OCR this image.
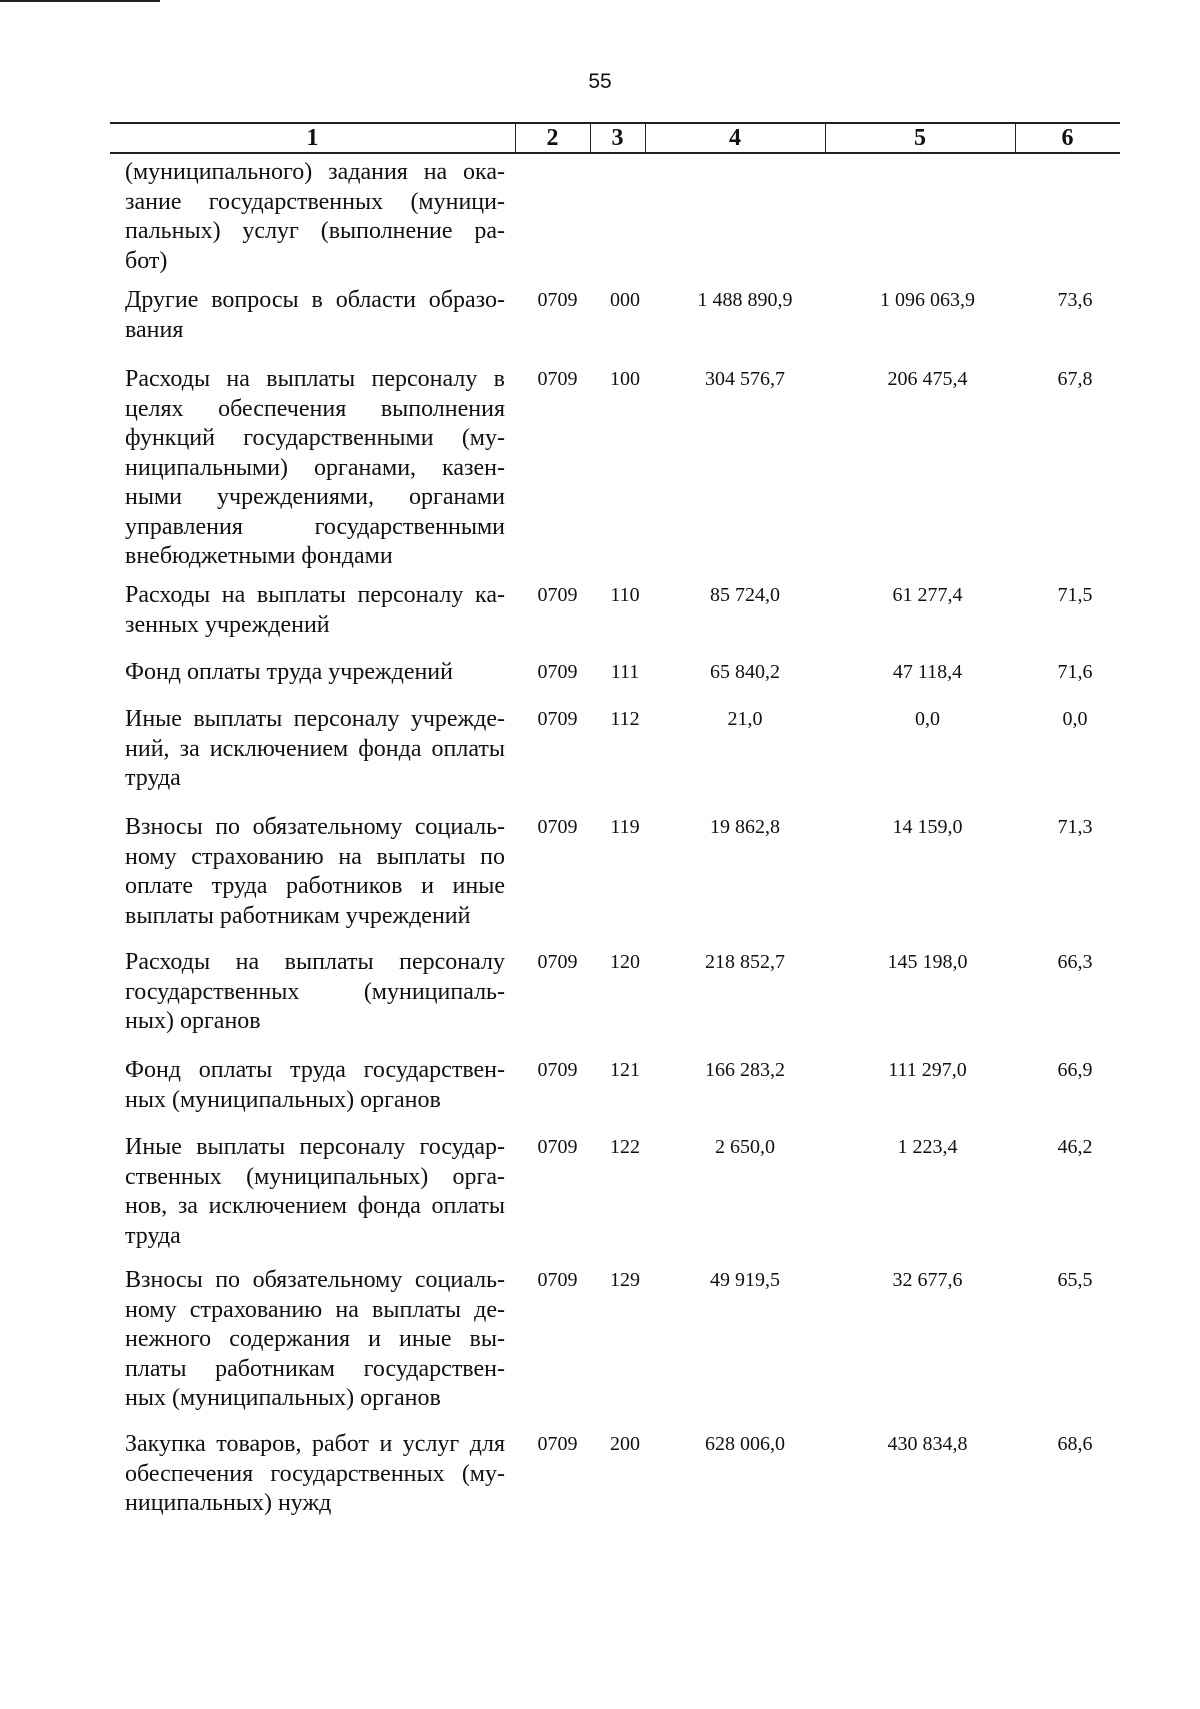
55
1	2	3	4	5	6
(муниципального) задания на ока-
зание государственных (муници-
пальных) услуг (выполнение ра-
бот)
Другие вопросы в области образо-
вания
0709	000	1 488 890,9	1 096 063,9	73,6
Расходы на выплаты персоналу в
целях обеспечения выполнения
функций государственными (му-
ниципальными) органами, казен-
ными учреждениями, органами
управления государственными
внебюджетными фондами
0709	100	304 576,7	206 475,4	67,8
Расходы на выплаты персоналу ка-
зенных учреждений
0709	110	85 724,0	61 277,4	71,5
Фонд оплаты труда учреждений	0709	111	65 840,2	47 118,4	71,6
Иные выплаты персоналу учрежде-
ний, за исключением фонда оплаты
труда
0709	112	21,0	0,0	0,0
Взносы по обязательному социаль-
ному страхованию на выплаты по
оплате труда работников и иные
выплаты работникам учреждений
0709	119	19 862,8	14 159,0	71,3
Расходы на выплаты персоналу
государственных (муниципаль-
ных) органов
0709	120	218 852,7	145 198,0	66,3
Фонд оплаты труда государствен-
ных (муниципальных) органов
0709	121	166 283,2	111 297,0	66,9
Иные выплаты персоналу государ-
ственных (муниципальных) орга-
нов, за исключением фонда оплаты
труда
0709	122	2 650,0	1 223,4	46,2
Взносы по обязательному социаль-
ному страхованию на выплаты де-
нежного содержания и иные вы-
платы работникам государствен-
ных (муниципальных) органов
0709	129	49 919,5	32 677,6	65,5
Закупка товаров, работ и услуг для
обеспечения государственных (му-
ниципальных) нужд
0709	200	628 006,0	430 834,8	68,6
